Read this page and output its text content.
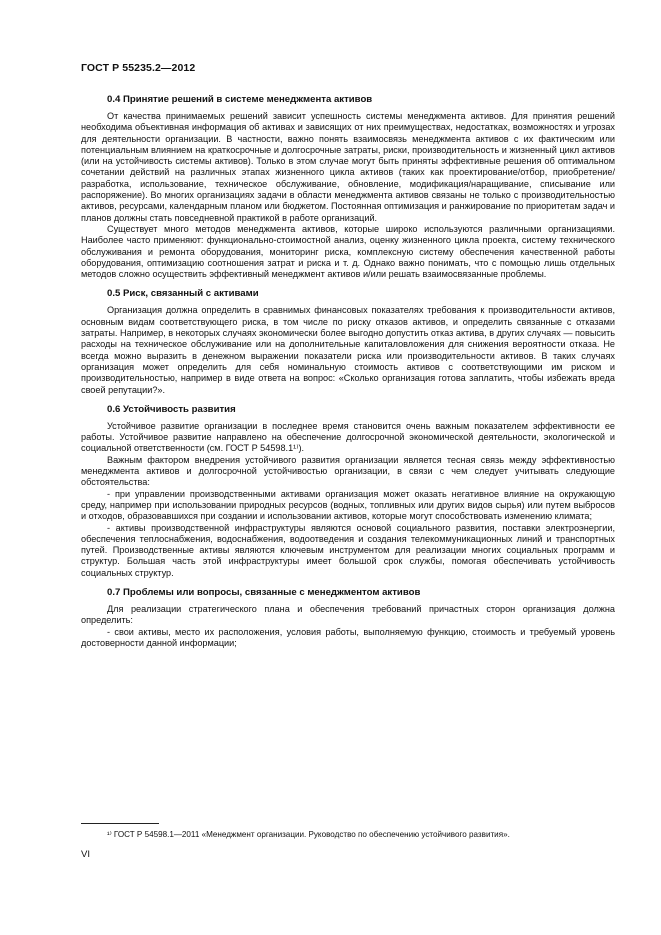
ГОСТ Р 55235.2—2012
0.4 Принятие решений в системе менеджмента активов

От качества принимаемых решений зависит успешность системы менеджмента активов. Для принятия решений необходима объективная информация об активах и зависящих от них преимуществах, недостатках, возможностях и угрозах для деятельности организации. В частности, важно понять взаимосвязь менеджмента активов с их фактическим или потенциальным влиянием на краткосрочные и долгосрочные затраты, риски, производительность и жизненный цикл активов (или на устойчивость системы активов). Только в этом случае могут быть приняты эффективные решения об оптимальном сочетании действий на различных этапах жизненного цикла активов (таких как проектирование/отбор, приобретение/разработка, использование, техническое обслуживание, обновление, модификация/наращивание, списывание или распоряжение). Во многих организациях задачи в области менеджмента активов связаны не только с производительностью активов, ресурсами, календарным планом или бюджетом. Постоянная оптимизация и ранжирование по приоритетам задач и планов должны стать повседневной практикой в работе организаций.

Существует много методов менеджмента активов, которые широко используются различными организациями. Наиболее часто применяют: функционально-стоимостной анализ, оценку жизненного цикла проекта, систему технического обслуживания и ремонта оборудования, мониторинг риска, комплексную систему обеспечения качественной работы оборудования, оптимизацию соотношения затрат и риска и т. д. Однако важно понимать, что с помощью лишь отдельных методов сложно осуществить эффективный менеджмент активов и/или решать взаимосвязанные проблемы.

0.5 Риск, связанный с активами

Организация должна определить в сравнимых финансовых показателях требования к производительности активов, основным видам соответствующего риска, в том числе по риску отказов активов, и определить связанные с отказами затраты. Например, в некоторых случаях экономически более выгодно допустить отказ актива, в других случаях — повысить расходы на техническое обслуживание или на дополнительные капиталовложения для снижения вероятности отказа. Не всегда можно выразить в денежном выражении показатели риска или производительности активов. В таких случаях организация может определить для себя номинальную стоимость активов с соответствующими им риском и производительностью, например в виде ответа на вопрос: «Сколько организация готова заплатить, чтобы избежать вреда своей репутации?».

0.6 Устойчивость развития

Устойчивое развитие организации в последнее время становится очень важным показателем эффективности ее работы. Устойчивое развитие направлено на обеспечение долгосрочной экономической деятельности, экологической и социальной ответственности (см. ГОСТ Р 54598.1¹⁾).

Важным фактором внедрения устойчивого развития организации является тесная связь между эффективностью менеджмента активов и долгосрочной устойчивостью организации, в связи с чем следует учитывать следующие обстоятельства:

- при управлении производственными активами организация может оказать негативное влияние на окружающую среду, например при использовании природных ресурсов (водных, топливных или других видов сырья) или путем выбросов и отходов, образовавшихся при создании и использовании активов, которые могут способствовать изменению климата;

- активы производственной инфраструктуры являются основой социального развития, поставки электроэнергии, обеспечения теплоснабжения, водоснабжения, водоотведения и создания телекоммуникационных линий и транспортных путей. Производственные активы являются ключевым инструментом для реализации многих социальных программ и структур. Большая часть этой инфраструктуры имеет большой срок службы, помогая обеспечивать устойчивость социальных структур.

0.7 Проблемы или вопросы, связанные с менеджментом активов

Для реализации стратегического плана и обеспечения требований причастных сторон организация должна определить:

- свои активы, место их расположения, условия работы, выполняемую функцию, стоимость и требуемый уровень достоверности данной информации;

¹⁾ ГОСТ Р 54598.1—2011 «Менеджмент организации. Руководство по обеспечению устойчивого развития».
VI
